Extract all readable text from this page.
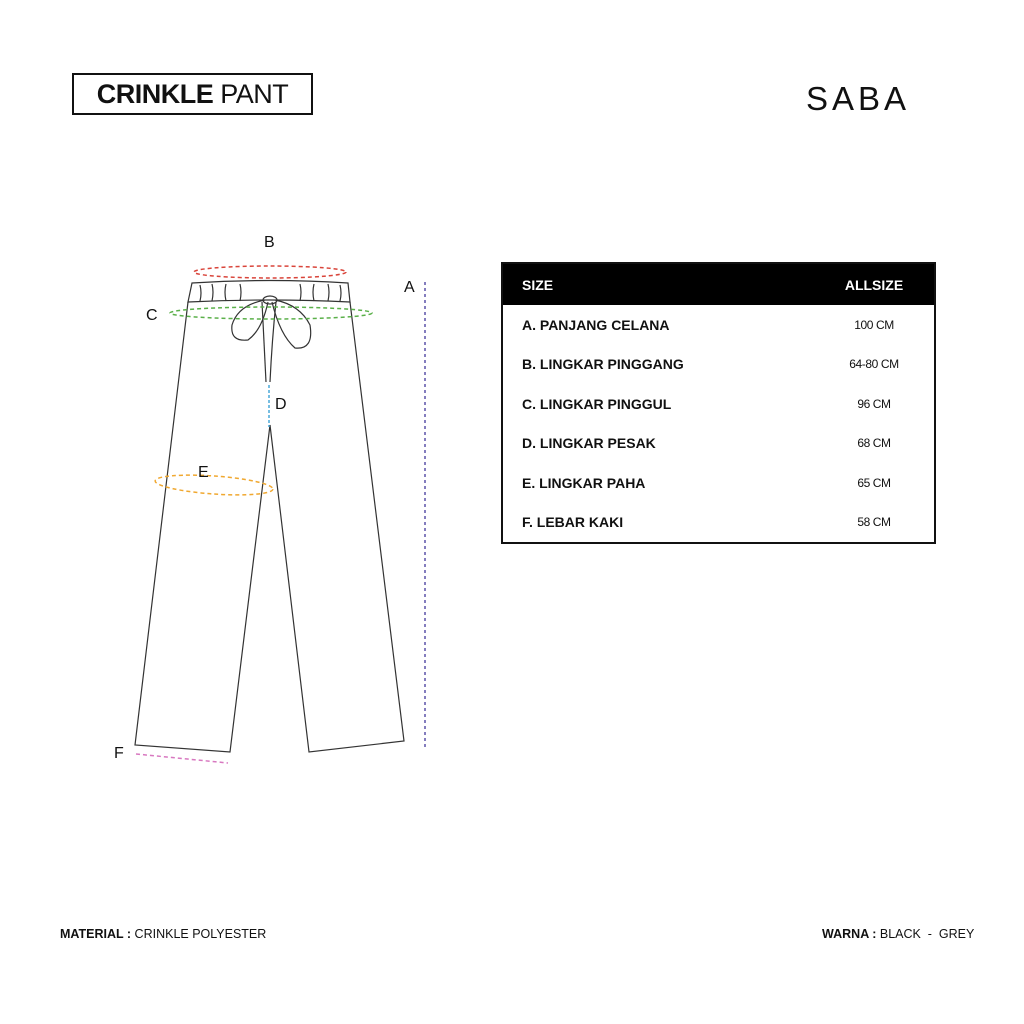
CRINKLE PANT	SABA
A
B
C
D
E
F
SIZE	ALLSIZE
A. PANJANG CELANA	100 CM
B. LINGKAR PINGGANG	64-80 CM
C. LINGKAR PINGGUL	96 CM
D. LINGKAR PESAK	68 CM
E. LINGKAR PAHA	65 CM
F. LEBAR KAKI	58 CM
MATERIAL : CRINKLE POLYESTER	WARNA : BLACK  -  GREY
